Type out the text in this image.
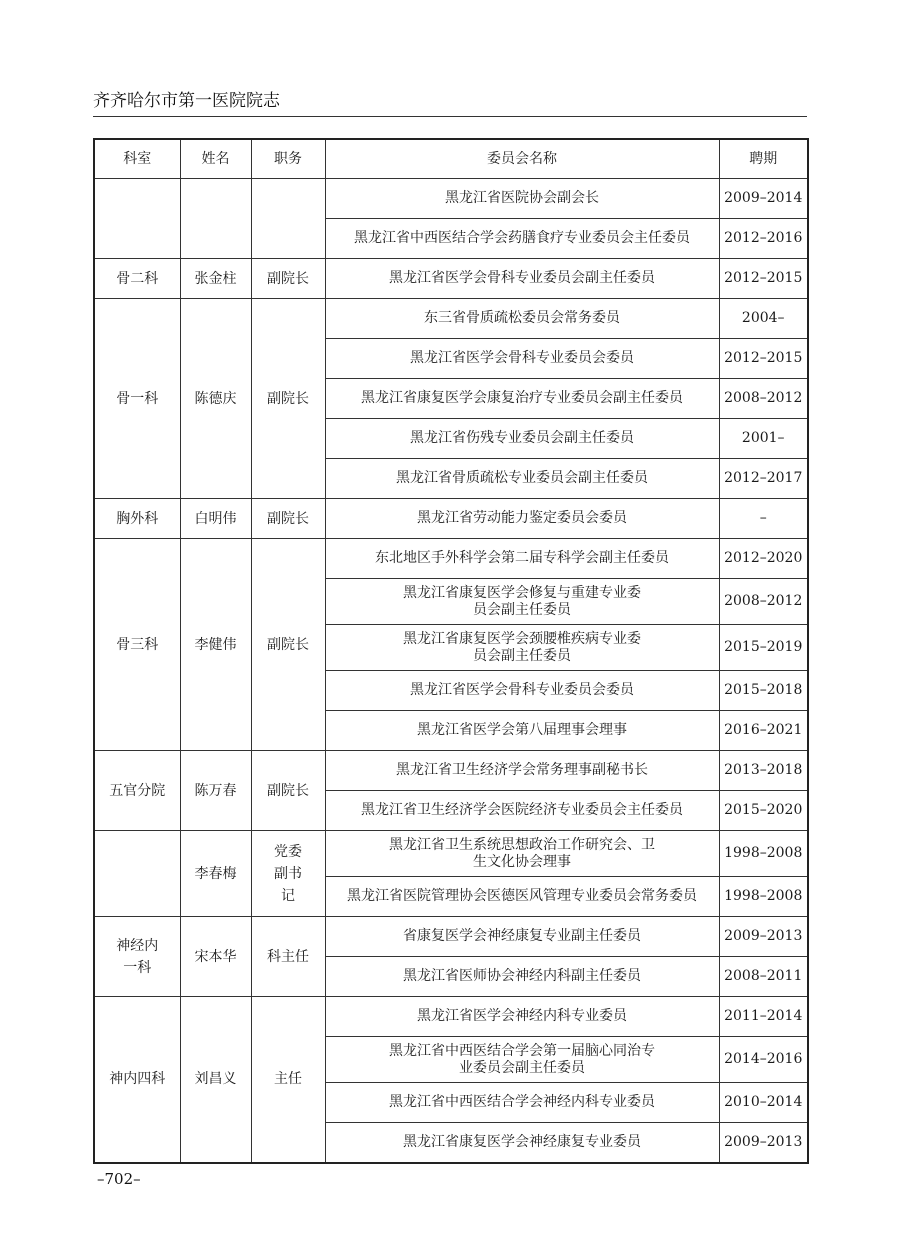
齐齐哈尔市第一医院院志
科室	姓名	职务	委员会名称	聘期
			黑龙江省医院协会副会长	2009–2014
			黑龙江省中西医结合学会药膳食疗专业委员会主任委员	2012–2016
骨二科	张金柱	副院长	黑龙江省医学会骨科专业委员会副主任委员	2012–2015
骨一科	陈德庆	副院长	东三省骨质疏松委员会常务委员	2004–
			黑龙江省医学会骨科专业委员会委员	2012–2015
			黑龙江省康复医学会康复治疗专业委员会副主任委员	2008–2012
			黑龙江省伤残专业委员会副主任委员	2001–
			黑龙江省骨质疏松专业委员会副主任委员	2012–2017
胸外科	白明伟	副院长	黑龙江省劳动能力鉴定委员会委员	–
骨三科	李健伟	副院长	东北地区手外科学会第二届专科学会副主任委员	2012–2020
			黑龙江省康复医学会修复与重建专业委员会副主任委员	2008–2012
			黑龙江省康复医学会颈腰椎疾病专业委员会副主任委员	2015–2019
			黑龙江省医学会骨科专业委员会委员	2015–2018
			黑龙江省医学会第八届理事会理事	2016–2021
五官分院	陈万春	副院长	黑龙江省卫生经济学会常务理事副秘书长	2013–2018
			黑龙江省卫生经济学会医院经济专业委员会主任委员	2015–2020
	李春梅	党委副书记	黑龙江省卫生系统思想政治工作研究会、卫生文化协会理事	1998–2008
			黑龙江省医院管理协会医德医风管理专业委员会常务委员	1998–2008
神经内一科	宋本华	科主任	省康复医学会神经康复专业副主任委员	2009–2013
			黑龙江省医师协会神经内科副主任委员	2008–2011
神内四科	刘昌义	主任	黑龙江省医学会神经内科专业委员	2011–2014
			黑龙江省中西医结合学会第一届脑心同治专业委员会副主任委员	2014–2016
			黑龙江省中西医结合学会神经内科专业委员	2010–2014
			黑龙江省康复医学会神经康复专业委员	2009–2013
–702–
